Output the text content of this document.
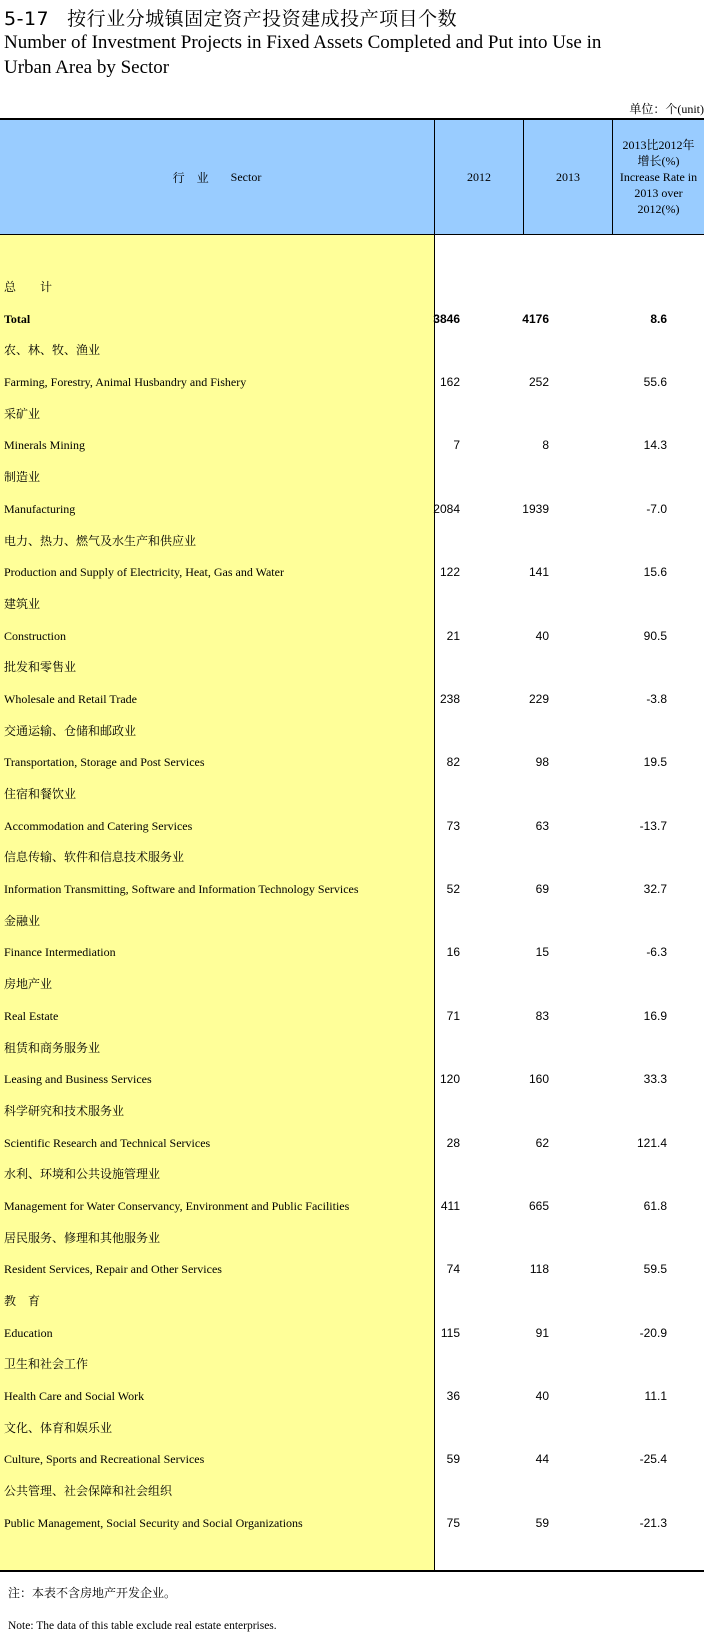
5-17 按行业分城镇固定资产投资建成投产项目个数
Number of Investment Projects in Fixed Assets Completed and Put into Use in Urban Area by Sector
单位：个(unit)
行　业 Sector	2012	2013
2013比2012年增长(%)
Increase Rate in 2013 over 2012(%)
总　　计
Total	3846	4176	8.6
农、林、牧、渔业
Farming, Forestry, Animal Husbandry and Fishery	162	252	55.6
采矿业
Minerals Mining	7	8	14.3
制造业
Manufacturing	2084	1939	-7.0
电力、热力、燃气及水生产和供应业
Production and Supply of Electricity, Heat, Gas and Water	122	141	15.6
建筑业
Construction	21	40	90.5
批发和零售业
Wholesale and Retail Trade	238	229	-3.8
交通运输、仓储和邮政业
Transportation, Storage and Post Services	82	98	19.5
住宿和餐饮业
Accommodation and Catering Services	73	63	-13.7
信息传输、软件和信息技术服务业
Information Transmitting, Software and Information Technology Services	52	69	32.7
金融业
Finance Intermediation	16	15	-6.3
房地产业
Real Estate	71	83	16.9
租赁和商务服务业
Leasing and Business Services	120	160	33.3
科学研究和技术服务业
Scientific Research and Technical Services	28	62	121.4
水利、环境和公共设施管理业
Management for Water Conservancy, Environment and Public Facilities	411	665	61.8
居民服务、修理和其他服务业
Resident Services, Repair and Other Services	74	118	59.5
教　育
Education	115	91	-20.9
卫生和社会工作
Health Care and Social Work	36	40	11.1
文化、体育和娱乐业
Culture, Sports and Recreational Services	59	44	-25.4
公共管理、社会保障和社会组织
Public Management, Social Security and Social Organizations	75	59	-21.3
注：本表不含房地产开发企业。
Note: The data of this table exclude real estate enterprises.
